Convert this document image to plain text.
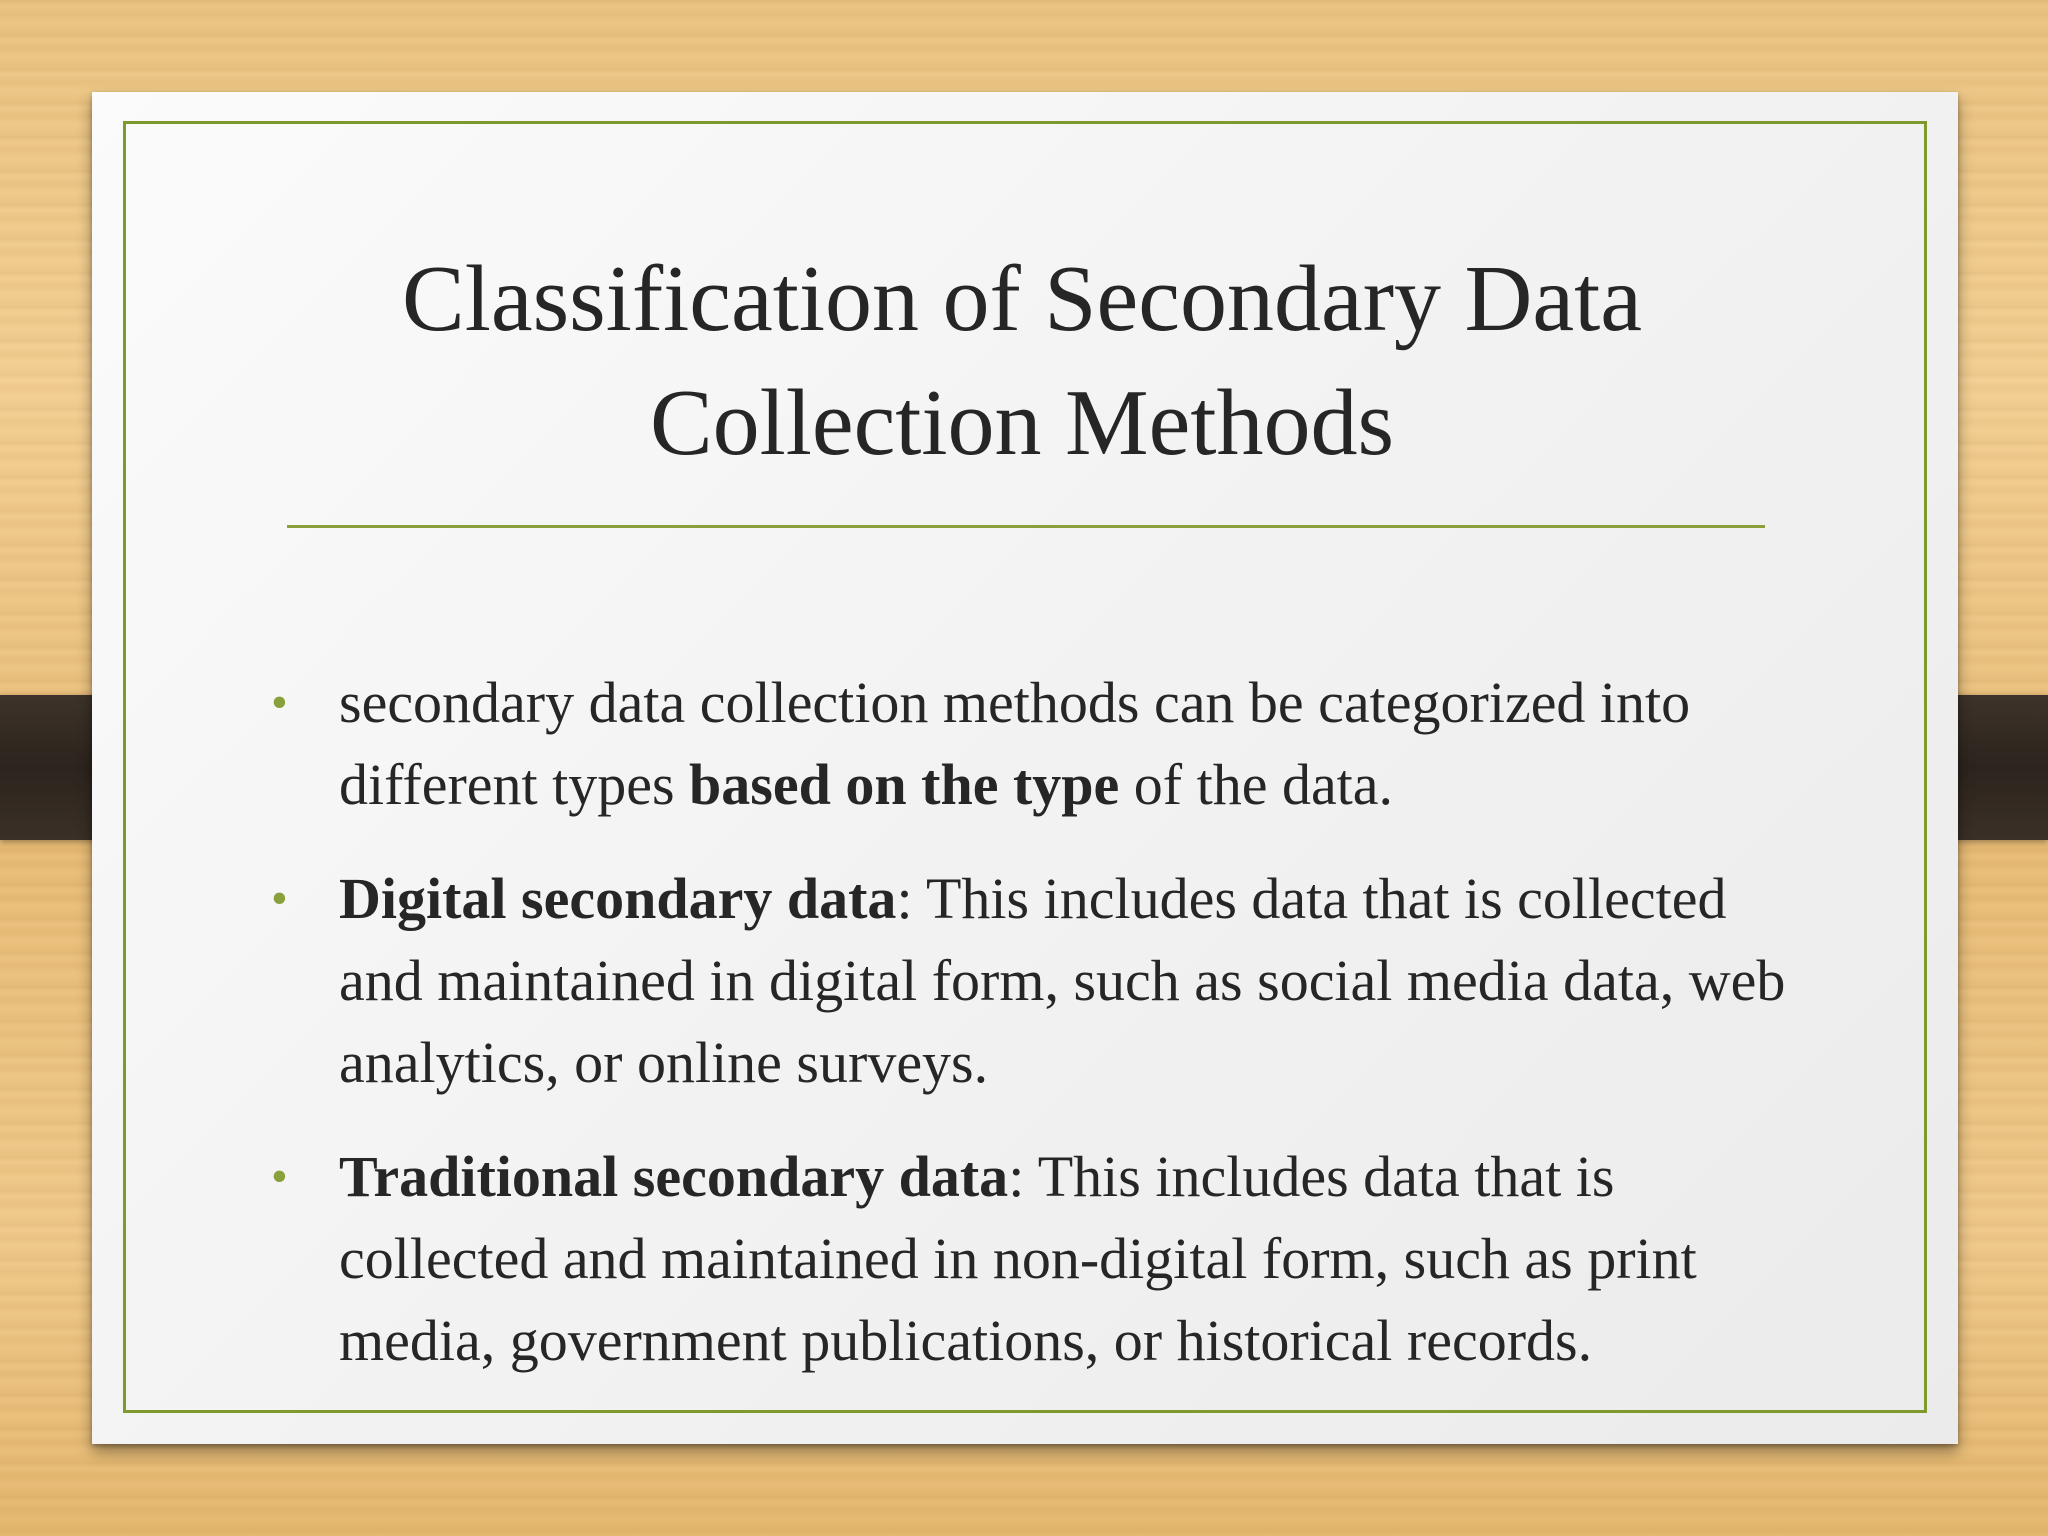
Classification of Secondary Data
Collection Methods
• secondary data collection methods can be categorized into different types based on the type of the data.
• Digital secondary data: This includes data that is collected and maintained in digital form, such as social media data, web analytics, or online surveys.
• Traditional secondary data: This includes data that is collected and maintained in non-digital form, such as print media, government publications, or historical records.
